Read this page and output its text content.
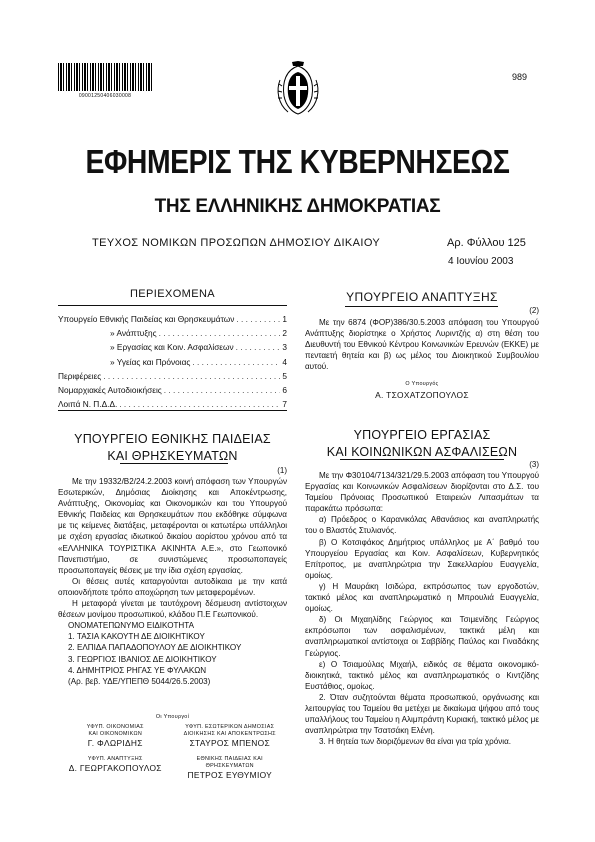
09001250406030008
989
ΕΦΗΜΕΡΙΣ ΤΗΣ ΚΥΒΕΡΝΗΣΕΩΣ
ΤΗΣ ΕΛΛΗΝΙΚΗΣ ΔΗΜΟΚΡΑΤΙΑΣ
ΤΕΥΧΟΣ ΝΟΜΙΚΩΝ ΠΡΟΣΩΠΩΝ ΔΗΜΟΣΙΟΥ ΔΙΚΑΙΟΥ	Αρ. Φύλλου 125
4 Ιουνίου 2003
ΠΕΡΙΕΧΟΜΕΝΑ
Υπουργείο Εθνικής Παιδείας και Θρησκευμάτων . . .	1
» Ανάπτυξης . . .	2
» Εργασίας και Κοιν. Ασφαλίσεων . . .	3
» Υγείας και Πρόνοιας . . .	4
Περιφέρειες . . .	5
Νομαρχιακές Αυτοδιοικήσεις . . .	6
Λοιπά Ν. Π.Δ.Δ. . . .	7
ΥΠΟΥΡΓΕΙΟ ΕΘΝΙΚΗΣ ΠΑΙΔΕΙΑΣ
ΚΑΙ ΘΡΗΣΚΕΥΜΑΤΩΝ
(1)

Με την 19332/Β2/24.2.2003 κοινή απόφαση των Υπουργών Εσωτερικών, Δημόσιας Διοίκησης και Αποκέντρωσης, Ανάπτυξης, Οικονομίας και Οικονομικών και του Υπουργού Εθνικής Παιδείας και Θρησκευμάτων που εκδόθηκε σύμφωνα με τις κείμενες διατάξεις, μεταφέρονται οι κατωτέρω υπάλληλοι με σχέση εργασίας ιδιωτικού δικαίου αορίστου χρόνου από τα «ΕΛΛΗΝΙΚΑ ΤΟΥΡΙΣΤΙΚΑ ΑΚΙΝΗΤΑ Α.Ε.», στο Γεωπονικό Πανεπιστήμιο, σε συνιστώμενες προσωποπαγείς προσωποπαγείς θέσεις με την ίδια σχέση εργασίας.

Οι θέσεις αυτές καταργούνται αυτοδίκαια με την κατά οποιονδήποτε τρόπο αποχώρηση των μεταφερομένων.

Η μεταφορά γίνεται με ταυτόχρονη δέσμευση αντίστοιχων θέσεων μονίμου προσωπικού, κλάδου Π.Ε Γεωπονικού.

ΟΝΟΜΑΤΕΠΩΝΥΜΟ ΕΙΔΙΚΟΤΗΤΑ
1. ΤΑΣΙΑ ΚΑΚΟΥΤΗ ΔΕ ΔΙΟΙΚΗΤΙΚΟΥ
2. ΕΛΠΙΔΑ ΠΑΠΑΔΟΠΟΥΛΟΥ ΔΕ ΔΙΟΙΚΗΤΙΚΟΥ
3. ΓΕΩΡΓΙΟΣ ΙΒΑΝΙΟΣ ΔΕ ΔΙΟΙΚΗΤΙΚΟΥ
4. ΔΗΜΗΤΡΙΟΣ ΡΗΓΑΣ ΥΕ ΦΥΛΑΚΩΝ
(Αρ. βεβ. ΥΔΕ/ΥΠΕΠΘ 5044/26.5.2003)
Οι Υπουργοί
ΥΦΥΠ. ΟΙΚΟΝΟΜΙΑΣ
ΚΑΙ ΟΙΚΟΝΟΜΙΚΩΝ
Γ. ΦΛΩΡΙΔΗΣ
ΥΦΥΠ. ΕΣΩΤΕΡΙΚΩΝ ΔΗΜΟΣΙΑΣ
ΔΙΟΙΚΗΣΗΣ ΚΑΙ ΑΠΟΚΕΝΤΡΩΣΗΣ
ΣΤΑΥΡΟΣ ΜΠΕΝΟΣ
ΥΦΥΠ. ΑΝΑΠΤΥΞΗΣ
Δ. ΓΕΩΡΓΑΚΟΠΟΥΛΟΣ
ΕΘΝΙΚΗΣ ΠΑΙΔΕΙΑΣ ΚΑΙ ΘΡΗΣΚΕΥΜΑΤΩΝ
ΠΕΤΡΟΣ ΕΥΘΥΜΙΟΥ
ΥΠΟΥΡΓΕΙΟ ΑΝΑΠΤΥΞΗΣ
(2)

Με την 6874 (ΦΟΡ)386/30.5.2003 απόφαση του Υπουργού Ανάπτυξης διορίστηκε ο Χρήστος Λυριντζής α) στη θέση του Διευθυντή του Εθνικού Κέντρου Κοινωνικών Ερευνών (ΕΚΚΕ) με πενταετή θητεία και β) ως μέλος του Διοικητικού Συμβουλίου αυτού.

Ο Υπουργός
Α. ΤΣΟΧΑΤΖΟΠΟΥΛΟΣ
ΥΠΟΥΡΓΕΙΟ ΕΡΓΑΣΙΑΣ
ΚΑΙ ΚΟΙΝΩΝΙΚΩΝ ΑΣΦΑΛΙΣΕΩΝ
(3)

Με την Φ30104/7134/321/29.5.2003 απόφαση του Υπουργού Εργασίας και Κοινωνικών Ασφαλίσεων διορίζονται στο Δ.Σ. του Ταμείου Πρόνοιας Προσωπικού Εταιρειών Λιπασμάτων τα παρακάτω πρόσωπα:

α) Πρόεδρος ο Καρανικόλας Αθανάσιος και αναπληρωτής του ο Βλαστός Στυλιανός.

β) Ο Κοτσιφάκος Δημήτριος υπάλληλος με Α΄ βαθμό του Υπουργείου Εργασίας και Κοιν. Ασφαλίσεων, Κυβερνητικός Επίτροπος, με αναπληρώτρια την Σακελλαρίου Ευαγγελία, ομοίως.

γ) Η Μαυράκη Ισιδώρα, εκπρόσωπος των εργοδοτών, τακτικό μέλος και αναπληρωματικό η Μπρουλιά Ευαγγελία, ομοίως.

δ) Οι Μιχαηλίδης Γεώργιος και Τσιμενίδης Γεώργιος εκπρόσωποι των ασφαλισμένων, τακτικά μέλη και αναπληρωματικοί αντίστοιχα οι Σαββίδης Παύλος και Γιναδάκης Γεώργιος.

ε) Ο Τσιαμούλας Μιχαήλ, ειδικός σε θέματα οικονομικό-διοικητικά, τακτικό μέλος και αναπληρωματικός ο Κιντζίδης Ευστάθιος, ομοίως.

2. Όταν συζητούνται θέματα προσωπικού, οργάνωσης και λειτουργίας του Ταμείου θα μετέχει με δικαίωμα ψήφου από τους υπαλλήλους του Ταμείου η Αλιμπράντη Κυριακή, τακτικό μέλος με αναπληρώτρια την Τσατσάκη Ελένη.

3. Η θητεία των διοριζόμενων θα είναι για τρία χρόνια.
